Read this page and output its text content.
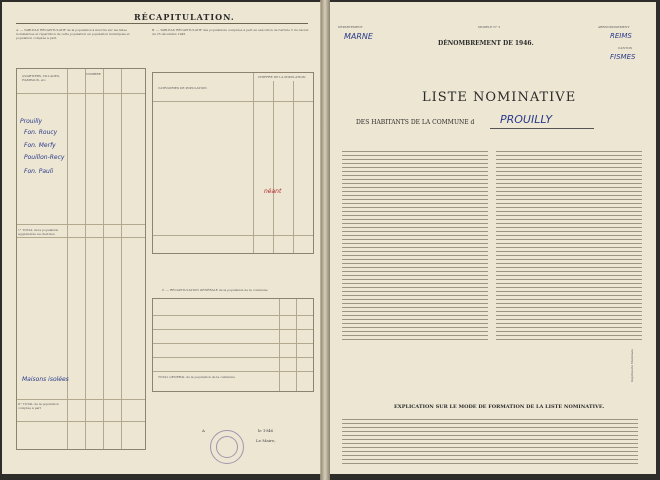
RÉCAPITULATION.
A. — TABLEAU RÉCAPITULATIF de la population à inscrire sur les listes nominatives et répartition de cette population en population municipale et population comptée à part.
B. — TABLEAU RÉCAPITULATIF des populations comptées à part en exécution de l'article 5 du décret du 25 décembre 1945.
QUARTIERS, VILLAGES, HAMEAUX, etc.
NOMBRE
1° TOTAL de la population agglomérée au chef-lieu
II° TOTAL de la population comptée à part
Prouilly
Fon. Roucy
Fon. Merfy
Pouillon-Recy
Fon. Pauli
Maisons isolées
CATÉGORIES DE POPULATION
CHIFFRE DE LA POPULATION
néant
C. — RÉCAPITULATION GÉNÉRALE de la population de la commune
TOTAL GÉNÉRAL de la population de la commune
A	le 1946
Le Maire,
DÉPARTEMENT
MARNE
MODÈLE N° 3	ARRONDISSEMENT
REIMS
CANTON
FISMES
DÉNOMBREMENT DE 1946.
LISTE NOMINATIVE
DES HABITANTS DE LA COMMUNE d PROUILLY
EXPLICATION SUR LE MODE DE FORMATION DE LA LISTE NOMINATIVE.
Imprimerie Nationale
